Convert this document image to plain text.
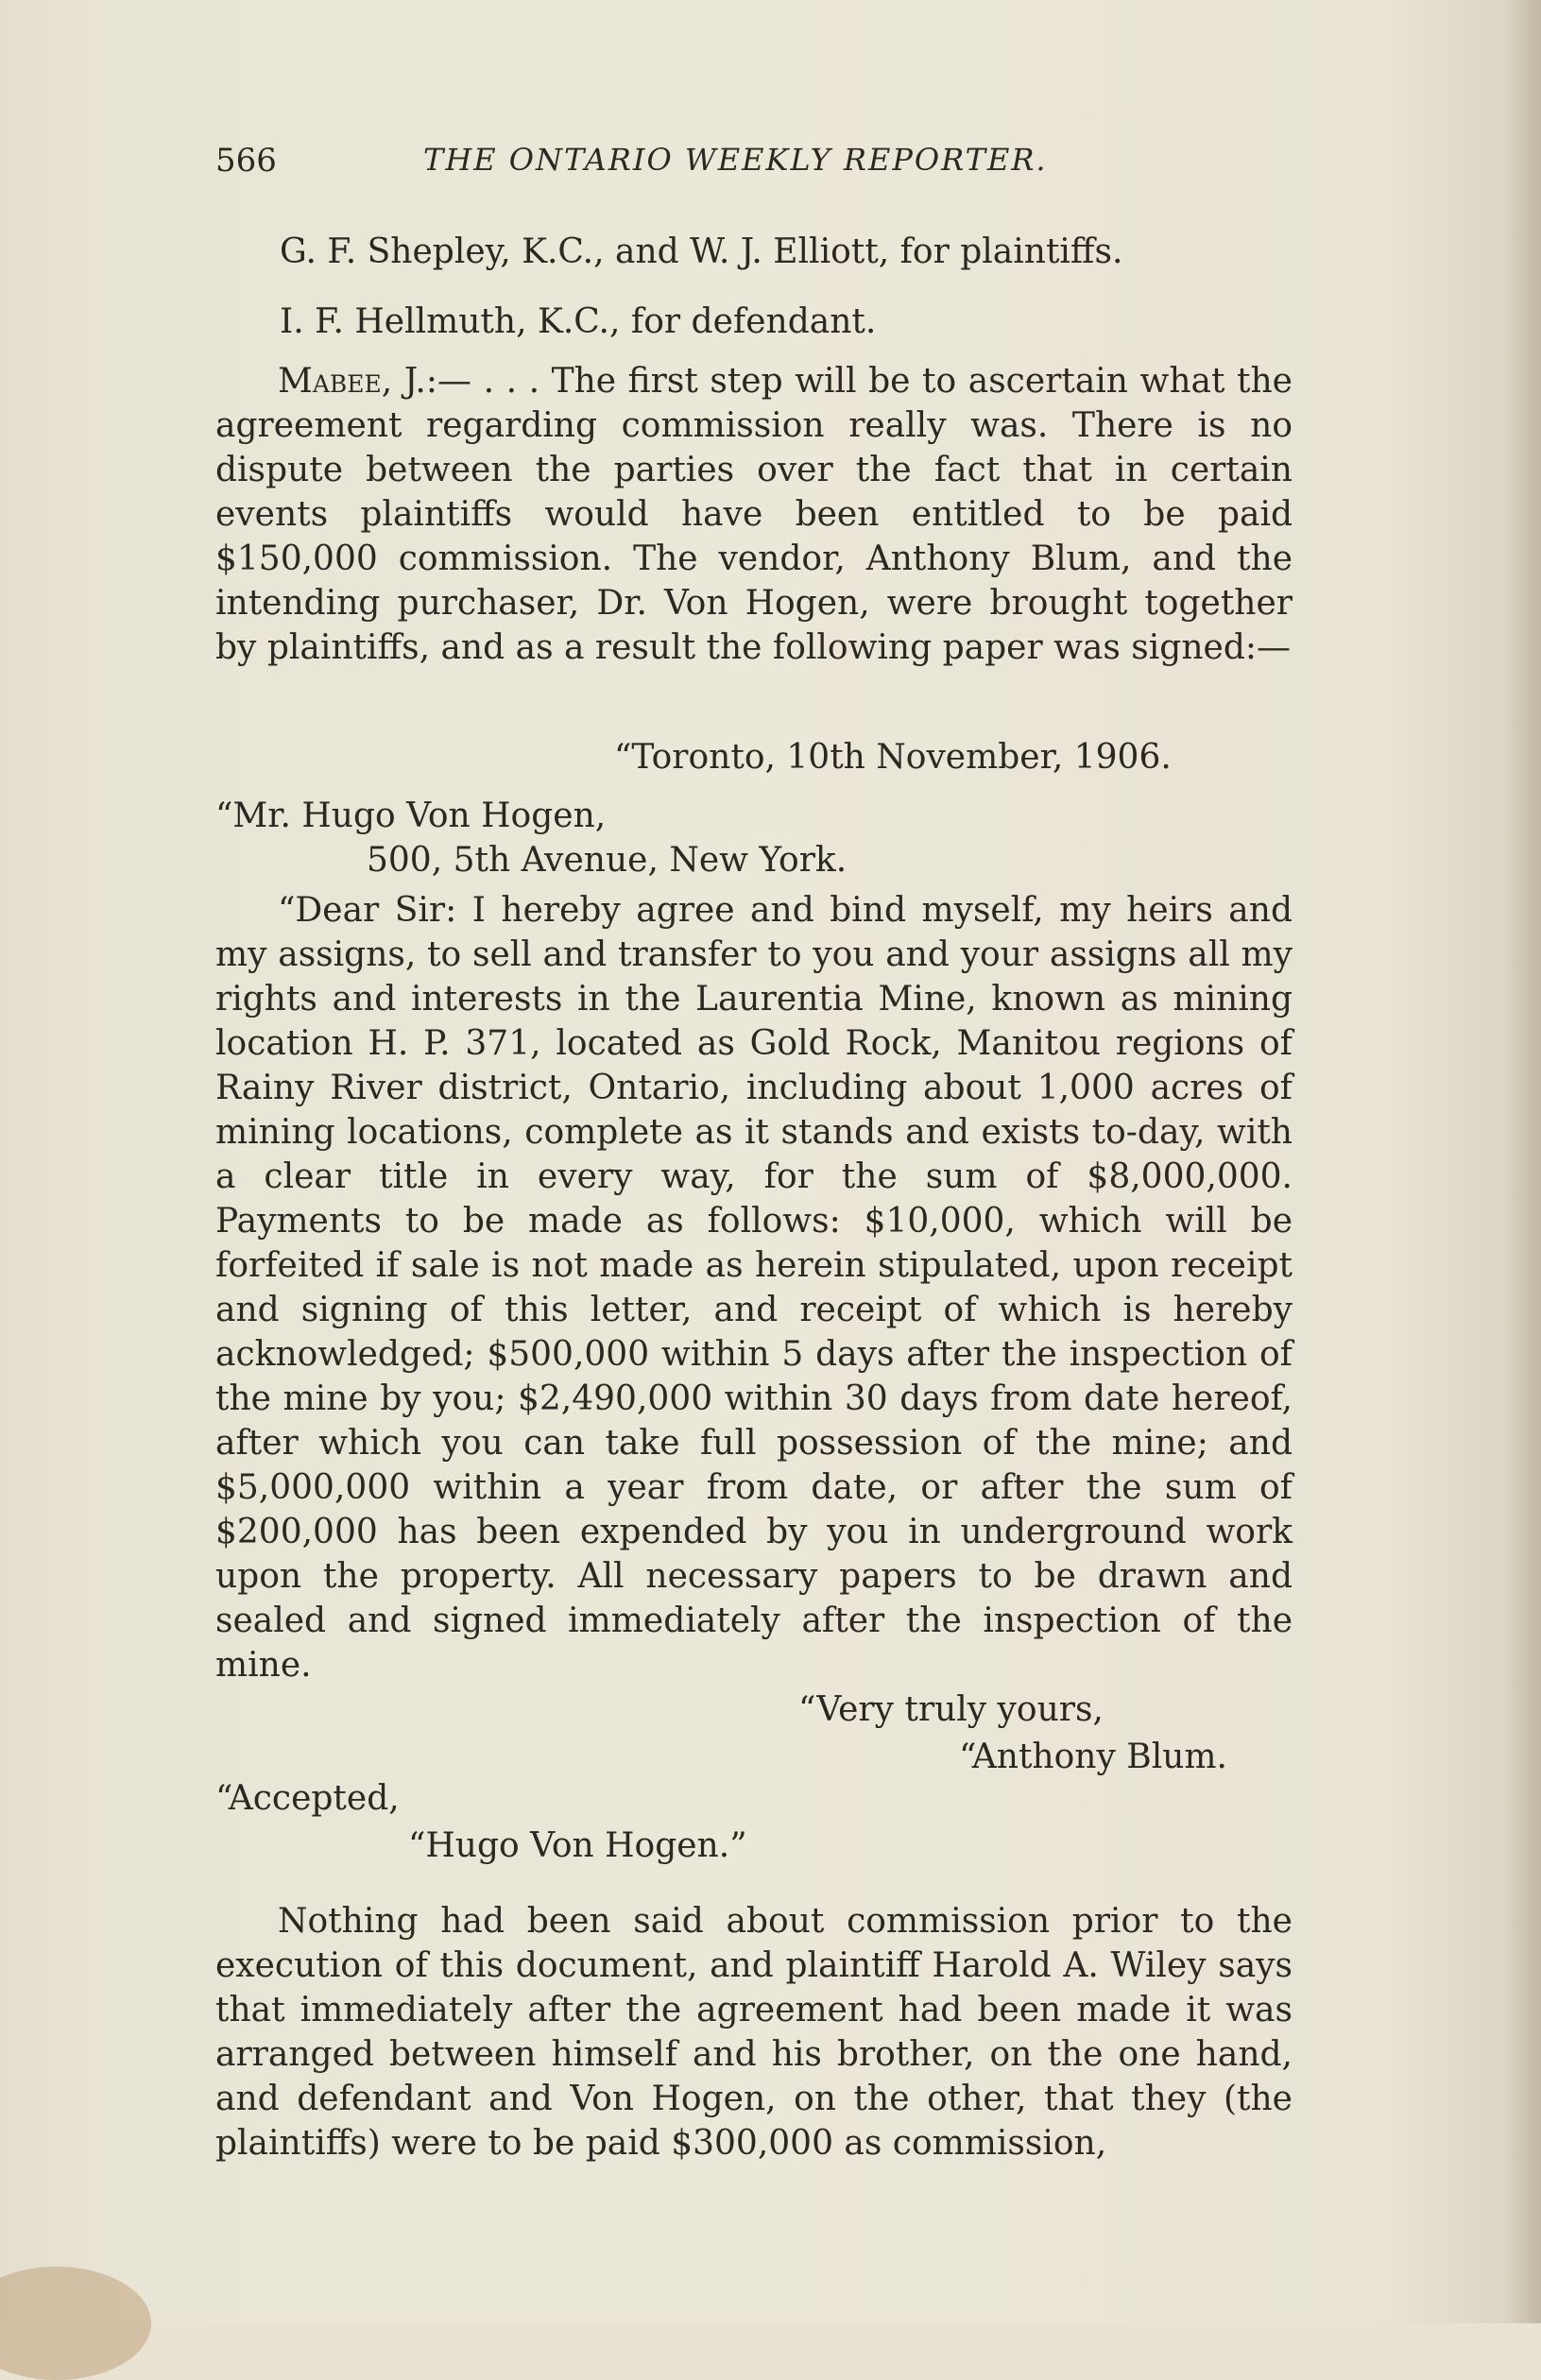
566	THE ONTARIO WEEKLY REPORTER.
G. F. Shepley, K.C., and W. J. Elliott, for plaintiffs.
I. F. Hellmuth, K.C., for defendant.

Mabee, J.:— . . . The first step will be to ascertain what the agreement regarding commission really was. There is no dispute between the parties over the fact that in certain events plaintiffs would have been entitled to be paid $150,000 commission. The vendor, Anthony Blum, and the intending purchaser, Dr. Von Hogen, were brought together by plaintiffs, and as a result the following paper was signed:—

“Toronto, 10th November, 1906.
“Mr. Hugo Von Hogen,
500, 5th Avenue, New York.

“Dear Sir: I hereby agree and bind myself, my heirs and my assigns, to sell and transfer to you and your assigns all my rights and interests in the Laurentia Mine, known as mining location H. P. 371, located as Gold Rock, Manitou regions of Rainy River district, Ontario, including about 1,000 acres of mining locations, complete as it stands and exists to-day, with a clear title in every way, for the sum of $8,000,000. Payments to be made as follows: $10,000, which will be forfeited if sale is not made as herein stipulated, upon receipt and signing of this letter, and receipt of which is hereby acknowledged; $500,000 within 5 days after the inspection of the mine by you; $2,490,000 within 30 days from date hereof, after which you can take full possession of the mine; and $5,000,000 within a year from date, or after the sum of $200,000 has been expended by you in underground work upon the property. All necessary papers to be drawn and sealed and signed immediately after the inspection of the mine.

“Very truly yours,
“Anthony Blum.
“Accepted,
“Hugo Von Hogen.”

Nothing had been said about commission prior to the execution of this document, and plaintiff Harold A. Wiley says that immediately after the agreement had been made it was arranged between himself and his brother, on the one hand, and defendant and Von Hogen, on the other, that they (the plaintiffs) were to be paid $300,000 as commission,
